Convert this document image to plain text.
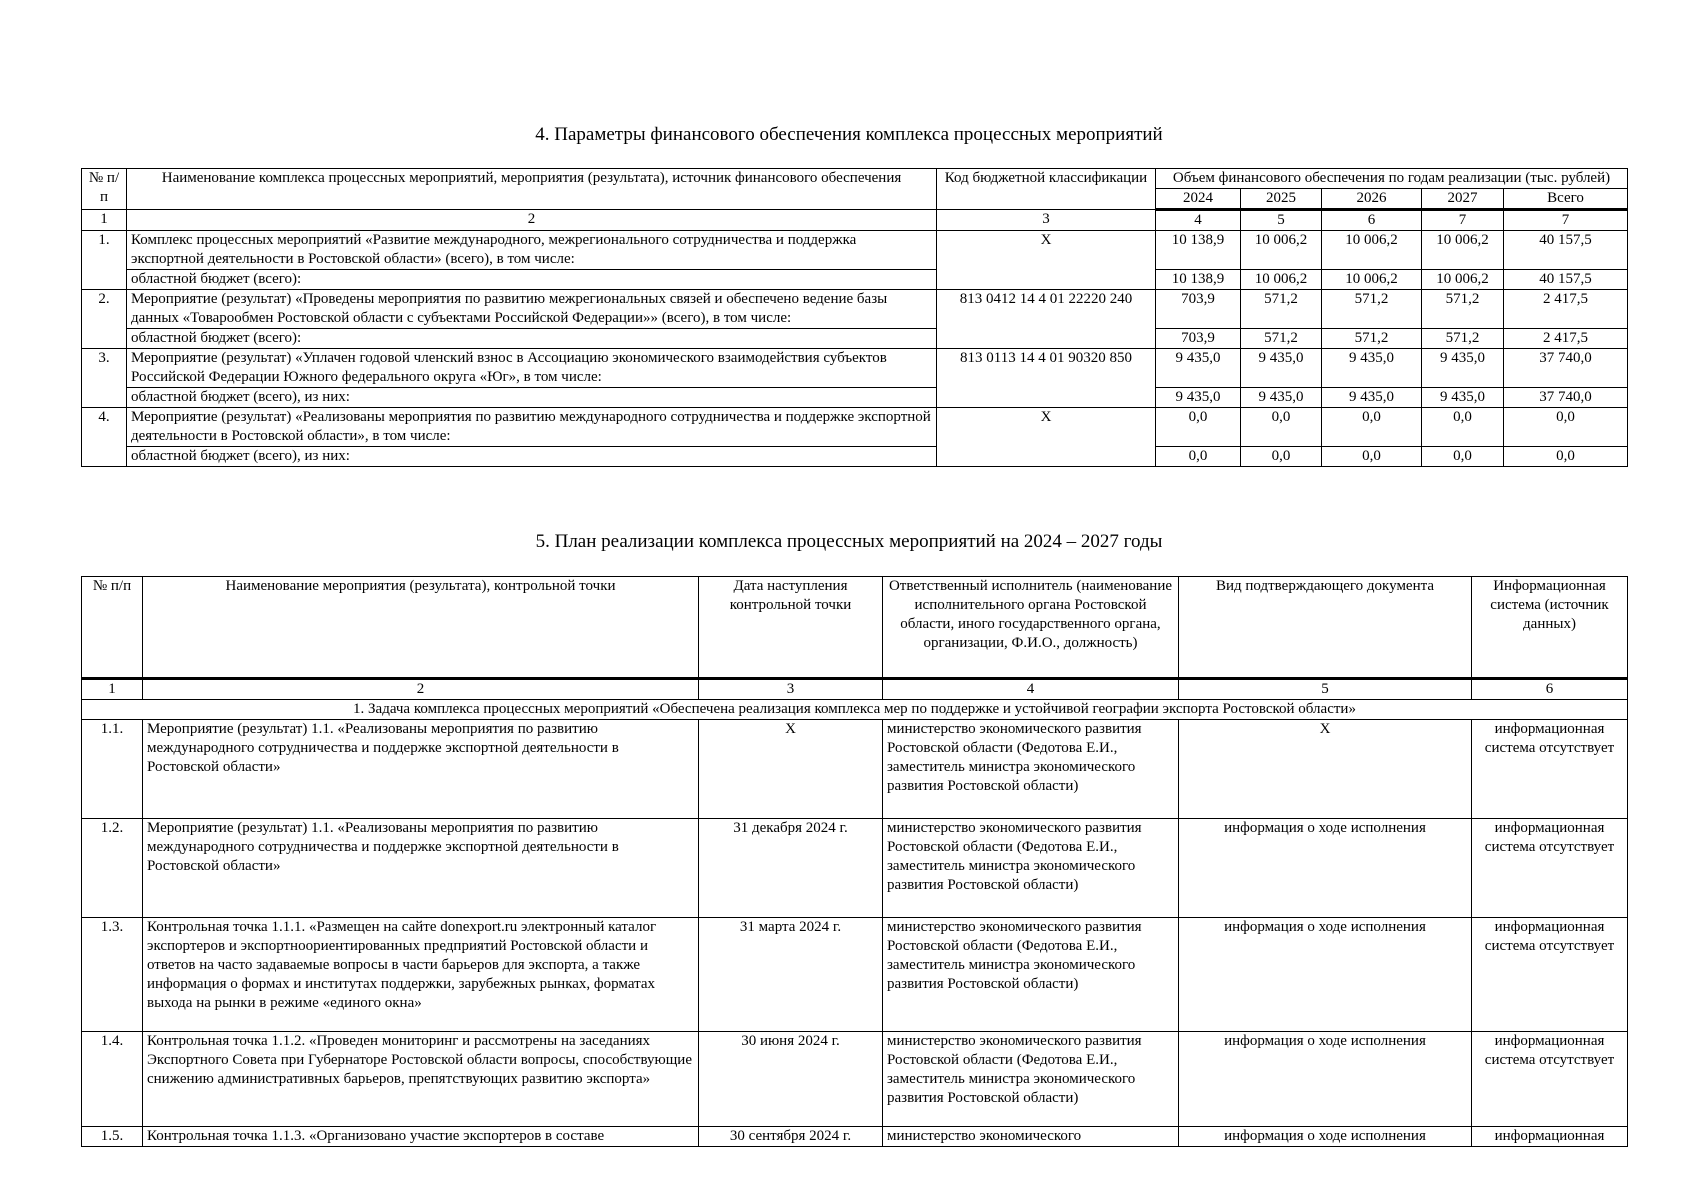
4. Параметры финансового обеспечения комплекса процессных мероприятий
№ п/п	Наименование комплекса процессных мероприятий, мероприятия (результата), источник финансового обеспечения	Код бюджетной классификации	Объем финансового обеспечения по годам реализации (тыс. рублей)				
			2024	2025	2026	2027	Всего
1	2	3	4	5	6	7	7
1.	Комплекс процессных мероприятий «Развитие международного, межрегионального сотрудничества и поддержка экспортной деятельности в Ростовской области» (всего), в том числе:	X	10 138,9	10 006,2	10 006,2	10 006,2	40 157,5
	областной бюджет (всего):		10 138,9	10 006,2	10 006,2	10 006,2	40 157,5
2.	Мероприятие (результат) «Проведены мероприятия по развитию межрегиональных связей и обеспечено ведение базы данных «Товарообмен Ростовской области с субъектами Российской Федерации»» (всего), в том числе:	813 0412 14 4 01 22220 240	703,9	571,2	571,2	571,2	2 417,5
	областной бюджет (всего):		703,9	571,2	571,2	571,2	2 417,5
3.	Мероприятие (результат) «Уплачен годовой членский взнос в Ассоциацию экономического взаимодействия субъектов Российской Федерации Южного федерального округа «Юг», в том числе:	813 0113 14 4 01 90320 850	9 435,0	9 435,0	9 435,0	9 435,0	37 740,0
	областной бюджет (всего), из них:		9 435,0	9 435,0	9 435,0	9 435,0	37 740,0
4.	Мероприятие (результат) «Реализованы мероприятия по развитию международного сотрудничества и поддержке экспортной деятельности в Ростовской области», в том числе:	X	0,0	0,0	0,0	0,0	0,0
	областной бюджет (всего), из них:		0,0	0,0	0,0	0,0	0,0
5. План реализации комплекса процессных мероприятий на 2024 – 2027 годы
№ п/п	Наименование мероприятия (результата), контрольной точки	Дата наступления контрольной точки	Ответственный исполнитель (наименование исполнительного органа Ростовской области, иного государственного органа, организации, Ф.И.О., должность)	Вид подтверждающего документа	Информационная система (источник данных)
1	2	3	4	5	6
1. Задача комплекса процессных мероприятий «Обеспечена реализация комплекса мер по поддержке и устойчивой географии экспорта Ростовской области»					
1.1.	Мероприятие (результат) 1.1. «Реализованы мероприятия по развитию международного сотрудничества и поддержке экспортной деятельности в Ростовской области»	X	министерство экономического развития Ростовской области (Федотова Е.И., заместитель министра экономического развития Ростовской области)	X	информационная система отсутствует
1.2.	Мероприятие (результат) 1.1. «Реализованы мероприятия по развитию международного сотрудничества и поддержке экспортной деятельности в Ростовской области»	31 декабря 2024 г.	министерство экономического развития Ростовской области (Федотова Е.И., заместитель министра экономического развития Ростовской области)	информация о ходе исполнения	информационная система отсутствует
1.3.	Контрольная точка 1.1.1. «Размещен на сайте donexport.ru электронный каталог экспортеров и экспортноориентированных предприятий Ростовской области и ответов на часто задаваемые вопросы в части барьеров для экспорта, а также информация о формах и институтах поддержки, зарубежных рынках, форматах выхода на рынки в режиме «единого окна»	31 марта 2024 г.	министерство экономического развития Ростовской области (Федотова Е.И., заместитель министра экономического развития Ростовской области)	информация о ходе исполнения	информационная система отсутствует
1.4.	Контрольная точка 1.1.2. «Проведен мониторинг и рассмотрены на заседаниях Экспортного Совета при Губернаторе Ростовской области вопросы, способствующие снижению административных барьеров, препятствующих развитию экспорта»	30 июня 2024 г.	министерство экономического развития Ростовской области (Федотова Е.И., заместитель министра экономического развития Ростовской области)	информация о ходе исполнения	информационная система отсутствует
1.5.	Контрольная точка 1.1.3. «Организовано участие экспортеров в составе	30 сентября 2024 г.	министерство экономического	информация о ходе исполнения	информационная
